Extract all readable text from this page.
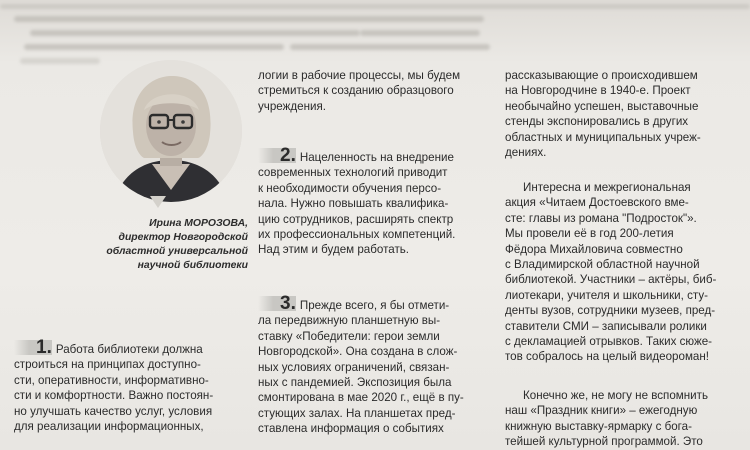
Ирина МОРОЗОВА,
директор Новгородской
областной универсальной
научной библиотеки

1. Работа библиотеки должна

строиться на принципах доступно-

сти, оперативности, информативно-

сти и комфортности. Важно постоян-

но улучшать качество услуг, условия

для реализации информационных,

логии в рабочие процессы, мы будем

стремиться к созданию образцового

учреждения.

2. Нацеленность на внедрение

современных технологий приводит

к необходимости обучения персо-

нала. Нужно повышать квалифика-

цию сотрудников, расширять спектр

их профессиональных компетенций.

Над этим и будем работать.

3. Прежде всего, я бы отмети-

ла передвижную планшетную вы-

ставку «Победители: герои земли

Новгородской». Она создана в слож-

ных условиях ограничений, связан-

ных с пандемией. Экспозиция была

смонтирована в мае 2020 г., ещё в пу-

стующих залах. На планшетах пред-

ставлена информация о событиях

рассказывающие о происходившем

на Новгородчине в 1940-е. Проект

необычайно успешен, выставочные

стенды экспонировались в других

областных и муниципальных учреж-

дениях.

Интересна и межрегиональная

акция «Читаем Достоевского вме-

сте: главы из романа "Подросток"».

Мы провели её в год 200-летия

Фёдора Михайловича совместно

с Владимирской областной научной

библиотекой. Участники – актёры, биб-

лиотекари, учителя и школьники, сту-

денты вузов, сотрудники музеев, пред-

ставители СМИ – записывали ролики

с декламацией отрывков. Таких сюже-

тов собралось на целый видеороман!

Конечно же, не могу не вспомнить

наш «Праздник книги» – ежегодную

книжную выставку-ярмарку с бога-

тейшей культурной программой. Это
